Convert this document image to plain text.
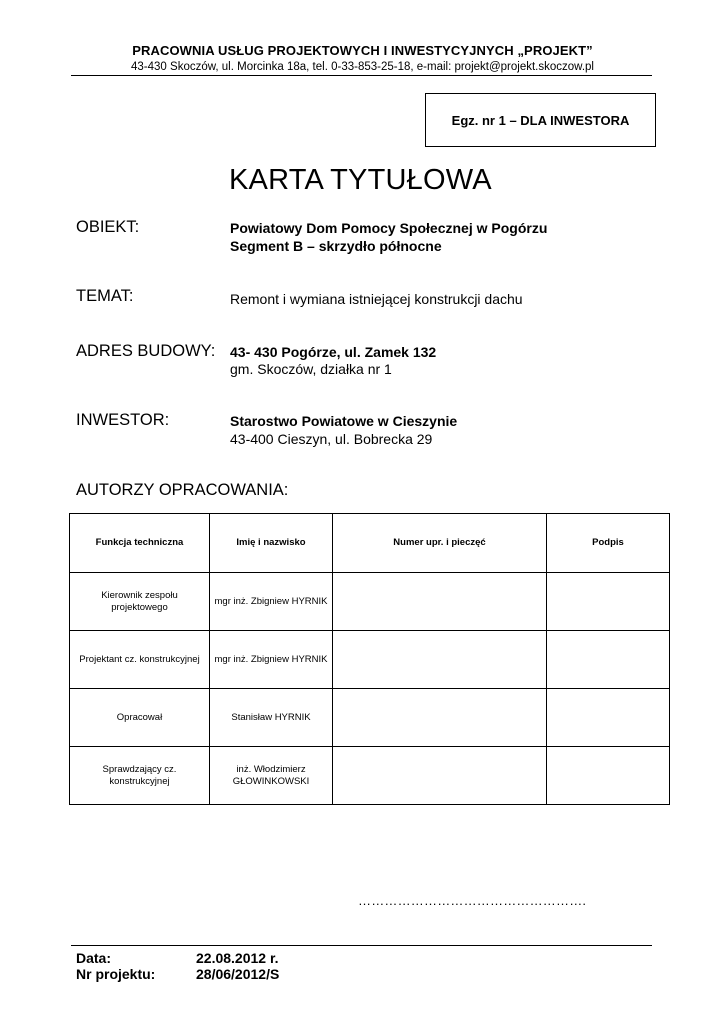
PRACOWNIA USŁUG PROJEKTOWYCH I INWESTYCYJNYCH „PROJEKT”
43-430 Skoczów, ul. Morcinka 18a, tel. 0-33-853-25-18, e-mail: projekt@projekt.skoczow.pl
Egz. nr 1 – DLA INWESTORA
KARTA TYTUŁOWA
OBIEKT:	Powiatowy Dom Pomocy Społecznej w Pogórzu
Segment B – skrzydło północne
TEMAT:	Remont i wymiana istniejącej konstrukcji dachu
ADRES BUDOWY: 43- 430 Pogórze, ul. Zamek 132
gm. Skoczów, działka nr 1
INWESTOR:	Starostwo Powiatowe w Cieszynie
43-400 Cieszyn, ul. Bobrecka 29
AUTORZY OPRACOWANIA:
Funkcja techniczna	Imię i nazwisko	Numer upr. i pieczęć	Podpis
Kierownik zespołu projektowego	mgr inż. Zbigniew HYRNIK		
Projektant cz. konstrukcyjnej	mgr inż. Zbigniew HYRNIK		
Opracował	Stanisław HYRNIK		
Sprawdzający cz. konstrukcyjnej	inż. Włodzimierz GŁOWINKOWSKI		
…………………………………………….
Data:	22.08.2012 r.
Nr projektu:	28/06/2012/S
